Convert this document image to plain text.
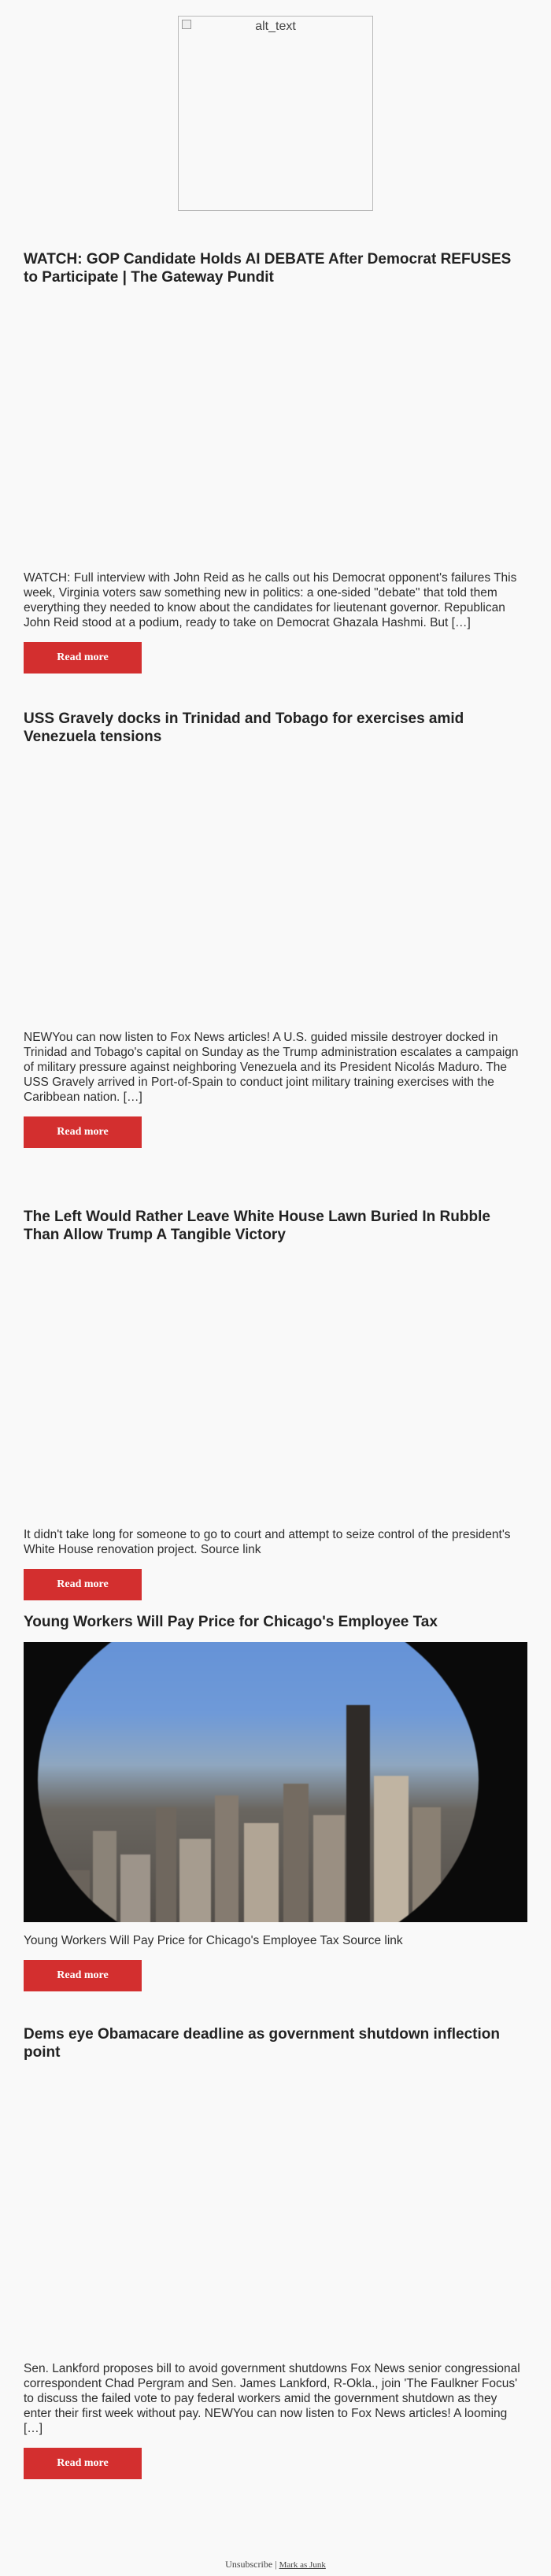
alt_text
WATCH: GOP Candidate Holds AI DEBATE After Democrat REFUSES to Participate | The Gateway Pundit

WATCH: Full interview with John Reid as he calls out his Democrat opponent's failures This week, Virginia voters saw something new in politics: a one-sided "debate" that told them everything they needed to know about the candidates for lieutenant governor. Republican John Reid stood at a podium, ready to take on Democrat Ghazala Hashmi. But […]

Read more
USS Gravely docks in Trinidad and Tobago for exercises amid Venezuela tensions

NEWYou can now listen to Fox News articles! A U.S. guided missile destroyer docked in Trinidad and Tobago's capital on Sunday as the Trump administration escalates a campaign of military pressure against neighboring Venezuela and its President Nicolás Maduro. The USS Gravely arrived in Port-of-Spain to conduct joint military training exercises with the Caribbean nation. […]

Read more
The Left Would Rather Leave White House Lawn Buried In Rubble Than Allow Trump A Tangible Victory

It didn't take long for someone to go to court and attempt to seize control of the president's White House renovation project. Source link

Read more
Young Workers Will Pay Price for Chicago's Employee Tax

Young Workers Will Pay Price for Chicago's Employee Tax Source link

Read more
Dems eye Obamacare deadline as government shutdown inflection point

Sen. Lankford proposes bill to avoid government shutdowns Fox News senior congressional correspondent Chad Pergram and Sen. James Lankford, R-Okla., join 'The Faulkner Focus' to discuss the failed vote to pay federal workers amid the government shutdown as they enter their first week without pay. NEWYou can now listen to Fox News articles! A looming […]

Read more
Unsubscribe | Mark as Junk
